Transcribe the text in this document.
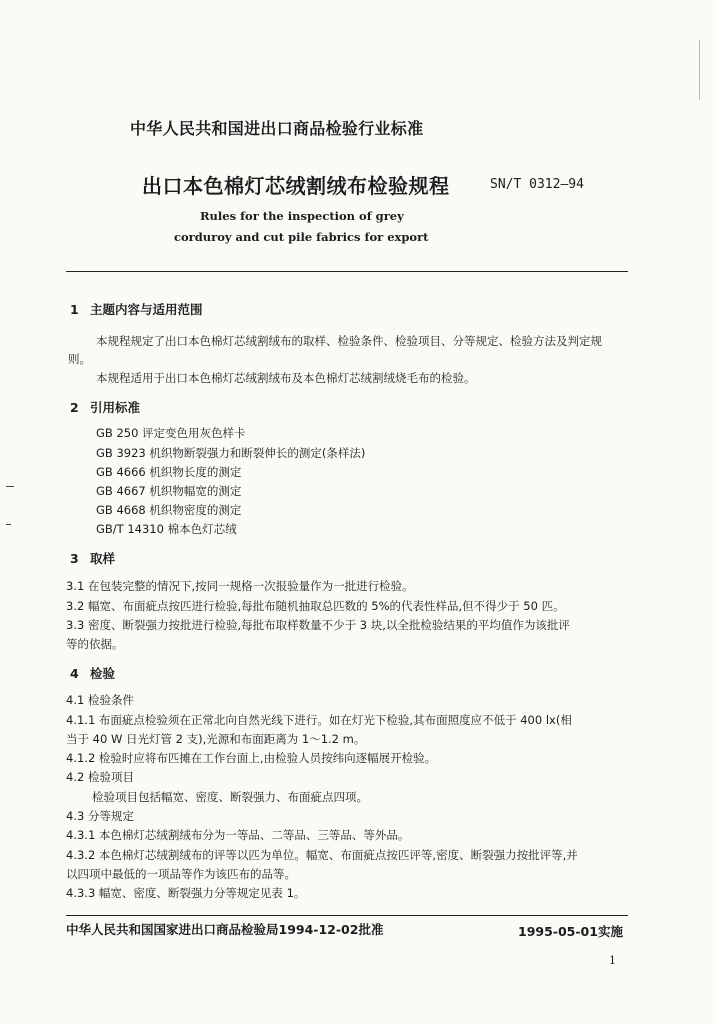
中华人民共和国进出口商品检验行业标准
出口本色棉灯芯绒割绒布检验规程	SN/T 0312—94
Rules for the inspection of grey
corduroy and cut pile fabrics for export
1 主题内容与适用范围
本规程规定了出口本色棉灯芯绒割绒布的取样、检验条件、检验项目、分等规定、检验方法及判定规
则。
本规程适用于出口本色棉灯芯绒割绒布及本色棉灯芯绒割绒烧毛布的检验。
2 引用标准
GB 250 评定变色用灰色样卡
GB 3923 机织物断裂强力和断裂伸长的测定(条样法)
GB 4666 机织物长度的测定
GB 4667 机织物幅宽的测定
GB 4668 机织物密度的测定
GB/T 14310 棉本色灯芯绒
3 取样
3.1 在包装完整的情况下,按同一规格一次报验量作为一批进行检验。
3.2 幅宽、布面疵点按匹进行检验,每批布随机抽取总匹数的 5%的代表性样品,但不得少于 50 匹。
3.3 密度、断裂强力按批进行检验,每批布取样数量不少于 3 块,以全批检验结果的平均值作为该批评
等的依据。
4 检验
4.1 检验条件
4.1.1 布面疵点检验须在正常北向自然光线下进行。如在灯光下检验,其布面照度应不低于 400 lx(相
当于 40 W 日光灯管 2 支),光源和布面距离为 1～1.2 m。
4.1.2 检验时应将布匹摊在工作台面上,由检验人员按纬向逐幅展开检验。
4.2 检验项目
检验项目包括幅宽、密度、断裂强力、布面疵点四项。
4.3 分等规定
4.3.1 本色棉灯芯绒割绒布分为一等品、二等品、三等品、等外品。
4.3.2 本色棉灯芯绒割绒布的评等以匹为单位。幅宽、布面疵点按匹评等,密度、断裂强力按批评等,并
以四项中最低的一项品等作为该匹布的品等。
4.3.3 幅宽、密度、断裂强力分等规定见表 1。
中华人民共和国国家进出口商品检验局1994-12-02批准	1995-05-01实施
1
